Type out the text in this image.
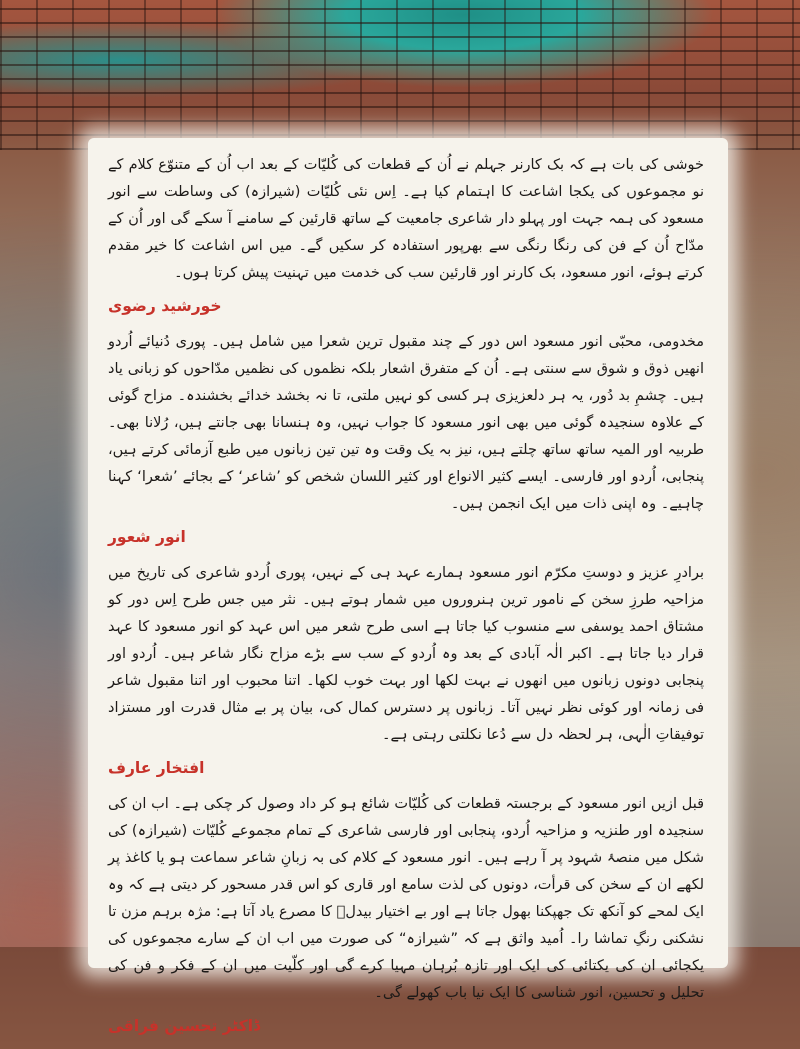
خوشی کی بات ہے کہ بک کارنر جہلم نے اُن کے قطعات کی کُلیّات کے بعد اب اُن کے متنوّع کلام کے نو مجموعوں کی یکجا اشاعت کا اہتمام کیا ہے۔ اِس نئی کُلیّات (شیرازہ) کی وساطت سے انور مسعود کی ہمہ جہت اور پہلو دار شاعری جامعیت کے ساتھ قارئین کے سامنے آ سکے گی اور اُن کے مدّاح اُن کے فن کی رنگا رنگی سے بھرپور استفادہ کر سکیں گے۔ میں اس اشاعت کا خیر مقدم کرتے ہوئے، انور مسعود، بک کارنر اور قارئین سب کی خدمت میں تہنیت پیش کرتا ہوں۔

خورشید رضوی

مخدومی، محبّی انور مسعود اس دور کے چند مقبول ترین شعرا میں شامل ہیں۔ پوری دُنیائے اُردو انھیں ذوق و شوق سے سنتی ہے۔ اُن کے متفرق اشعار بلکہ نظموں کی نظمیں مدّاحوں کو زبانی یاد ہیں۔ چشمِ بد دُور، یہ ہر دلعزیزی ہر کسی کو نہیں ملتی، تا نہ بخشد خدائے بخشندہ۔ مزاح گوئی کے علاوہ سنجیدہ گوئی میں بھی انور مسعود کا جواب نہیں، وہ ہنسانا بھی جانتے ہیں، رُلانا بھی۔ طربیہ اور المیہ ساتھ ساتھ چلتے ہیں، نیز بہ یک وقت وہ تین تین زبانوں میں طبع آزمائی کرتے ہیں، پنجابی، اُردو اور فارسی۔ ایسے کثیر الانواع اور کثیر اللسان شخص کو ’شاعر‘ کے بجائے ’شعرا‘ کہنا چاہیے۔ وہ اپنی ذات میں ایک انجمن ہیں۔

انور شعور

برادرِ عزیز و دوستِ مکرّم انور مسعود ہمارے عہد ہی کے نہیں، پوری اُردو شاعری کی تاریخ میں مزاحیہ طرزِ سخن کے نامور ترین ہنروروں میں شمار ہوتے ہیں۔ نثر میں جس طرح اِس دور کو مشتاق احمد یوسفی سے منسوب کیا جاتا ہے اسی طرح شعر میں اس عہد کو انور مسعود کا عہد قرار دیا جاتا ہے۔ اکبر الٰہ آبادی کے بعد وہ اُردو کے سب سے بڑے مزاح نگار شاعر ہیں۔ اُردو اور پنجابی دونوں زبانوں میں انھوں نے بہت لکھا اور بہت خوب لکھا۔ اتنا محبوب اور اتنا مقبول شاعر فی زمانہ اور کوئی نظر نہیں آتا۔ زبانوں پر دسترس کمال کی، بیان پر بے مثال قدرت اور مستزاد توفیقاتِ الٰہی، ہر لحظہ دل سے دُعا نکلتی رہتی ہے۔

افتخار عارف

قبل ازیں انور مسعود کے برجستہ قطعات کی کُلیّات شائع ہو کر داد وصول کر چکی ہے۔ اب ان کی سنجیدہ اور طنزیہ و مزاحیہ اُردو، پنجابی اور فارسی شاعری کے تمام مجموعے کُلیّات (شیرازہ) کی شکل میں منصۂ شہود پر آ رہے ہیں۔ انور مسعود کے کلام کی بہ زبانِ شاعر سماعت ہو یا کاغذ پر لکھے ان کے سخن کی قرأت، دونوں کی لذت سامع اور قاری کو اس قدر مسحور کر دیتی ہے کہ وہ ایک لمحے کو آنکھ تک جھپکنا بھول جاتا ہے اور بے اختیار بیدلؔ کا مصرع یاد آتا ہے: مژہ برہم مزن تا نشکنی رنگِ تماشا را۔ اُمید واثق ہے کہ ”شیرازہ“ کی صورت میں اب ان کے سارے مجموعوں کی یکجائی ان کی یکتائی کی ایک اور تازہ بُرہان مہیا کرے گی اور کلّیت میں ان کے فکر و فن کی تحلیل و تحسین، انور شناسی کا ایک نیا باب کھولے گی۔

ڈاکٹر تحسین فراقی
